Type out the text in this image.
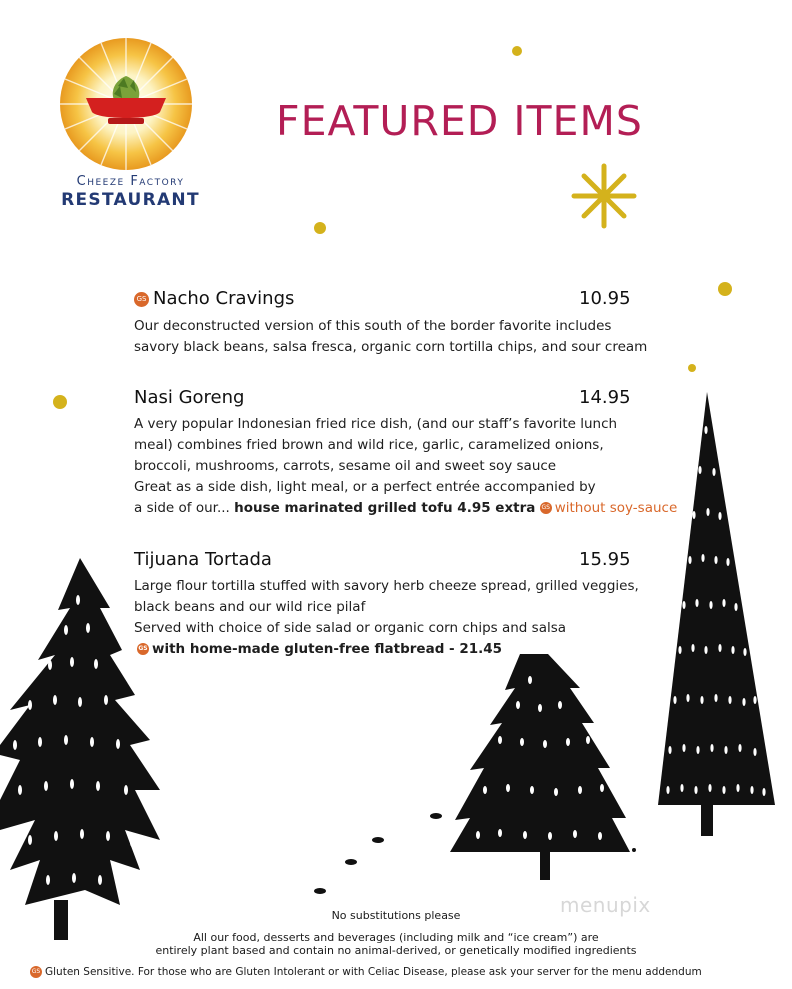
Cheeze Factory
RESTAURANT
FEATURED ITEMS
GS Nacho Cravings	10.95
Our deconstructed version of this south of the border favorite includes
savory black beans, salsa fresca, organic corn tortilla chips, and sour cream
Nasi Goreng	14.95
A very popular Indonesian fried rice dish, (and our staff’s favorite lunch
meal) combines fried brown and wild rice, garlic, caramelized onions,
broccoli, mushrooms, carrots, sesame oil and sweet soy sauce
Great as a side dish, light meal, or a perfect entrée accompanied by
a side of our... house marinated grilled tofu 4.95 extra GS without soy-sauce
Tijuana Tortada	15.95
Large flour tortilla stuffed with savory herb cheeze spread, grilled veggies,
black beans and our wild rice pilaf
Served with choice of side salad or organic corn chips and salsa
GS with home-made gluten-free flatbread - 21.45
menupix
No substitutions please
All our food, desserts and beverages (including milk and “ice cream”) are
entirely plant based and contain no animal-derived, or genetically modified ingredients
GS Gluten Sensitive. For those who are Gluten Intolerant or with Celiac Disease, please ask your server for the menu addendum
